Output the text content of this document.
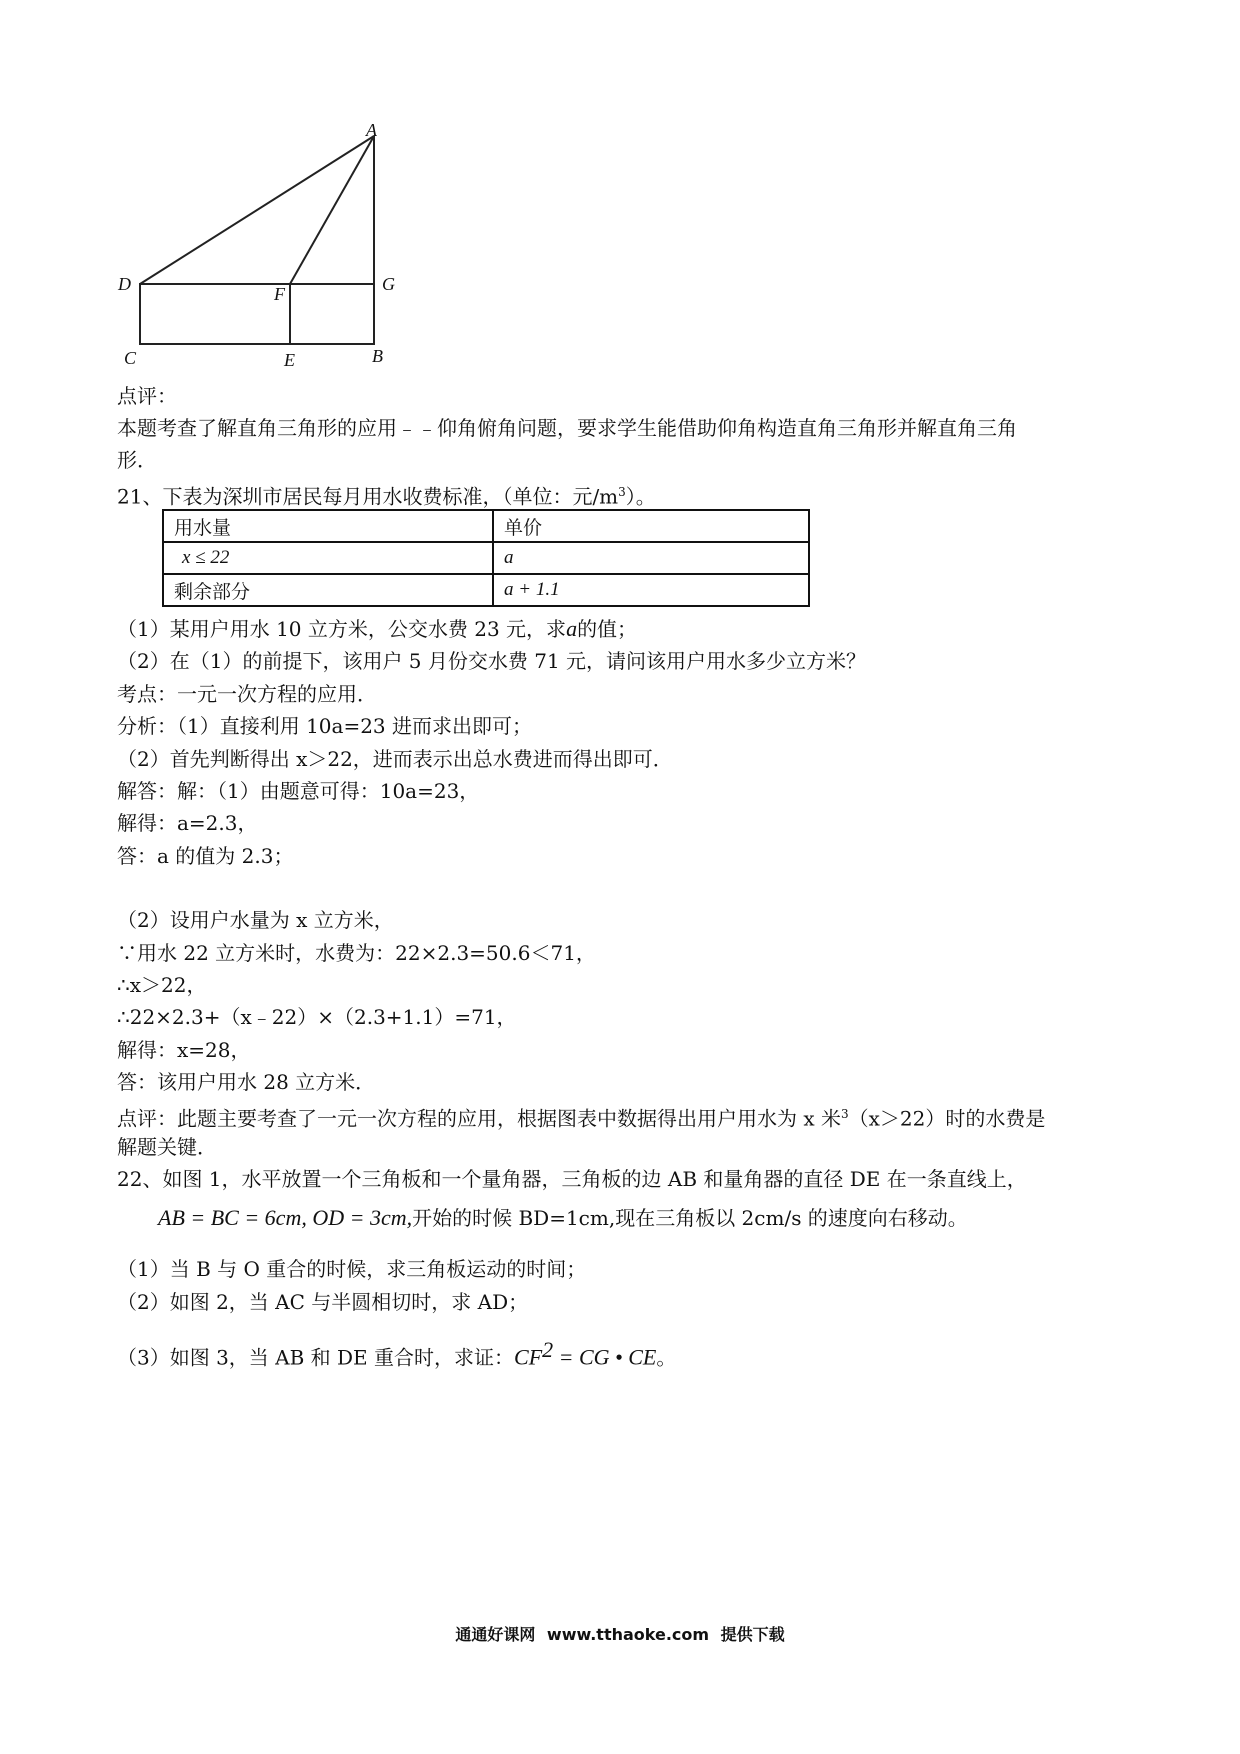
A
D	G
F
C	E	B
点评：
本题考查了解直角三角形的应用﹣﹣仰角俯角问题，要求学生能借助仰角构造直角三角形并解直角三角
形．
21、下表为深圳市居民每月用水收费标准，（单位：元$/m^3$）。
用水量	单价
x ≤ 22	a
剩余部分	a + 1.1
（1）某用户用水 10 立方米，公交水费 23 元，求a的值；
（2）在（1）的前提下，该用户 5 月份交水费 71 元，请问该用户用水多少立方米？
考点：一元一次方程的应用．
分析：（1）直接利用 10a=23 进而求出即可；
（2）首先判断得出 x＞22，进而表示出总水费进而得出即可．
解答：解：（1）由题意可得：10a=23，
解得：a=2.3，
答：a 的值为 2.3；
（2）设用户水量为 x 立方米，
∵用水 22 立方米时，水费为：22×2.3=50.6＜71，
∴x＞22，
∴22×2.3+（x﹣22）×（2.3+1.1）=71，
解得：x=28，
答：该用户用水 28 立方米．
点评：此题主要考查了一元一次方程的应用，根据图表中数据得出用户用水为 x 米$^3$（x＞22）时的水费是
解题关键．
22、如图 1，水平放置一个三角板和一个量角器，三角板的边 AB 和量角器的直径 DE 在一条直线上，
AB = BC = 6cm, OD = 3cm,开始的时候 BD=1cm,现在三角板以 2cm/s 的速度向右移动。
（1）当 B 与 O 重合的时候，求三角板运动的时间；
（2）如图 2，当 AC 与半圆相切时，求 AD；
（3）如图 3，当 AB 和 DE 重合时，求证：$CF^2$ = CG • CE。
通通好课网 www.tthaoke.com 提供下载
